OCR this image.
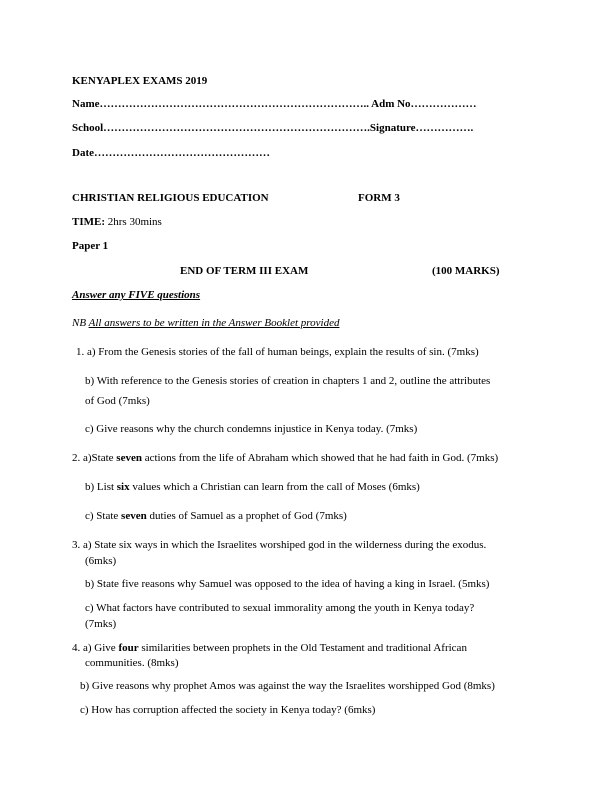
KENYAPLEX EXAMS 2019
Name……………………………………………………………….. Adm No………………
School……………………………………………………………….Signature…………….
Date…………………………………………
CHRISTIAN RELIGIOUS EDUCATION	FORM 3
TIME: 2hrs 30mins
Paper 1
END OF TERM III EXAM	(100 MARKS)
Answer any FIVE questions
NB All answers to be written in the Answer Booklet provided
1. a) From the Genesis stories of the fall of human beings, explain the results of sin. (7mks)
b) With reference to the Genesis stories of creation in chapters 1 and 2, outline the attributes
of God (7mks)
c) Give reasons why the church condemns injustice in Kenya today. (7mks)
2. a)State seven actions from the life of Abraham which showed that he had faith in God. (7mks)
b) List six values which a Christian can learn from the call of Moses (6mks)
c) State seven duties of Samuel as a prophet of God (7mks)
3. a) State six ways in which the Israelites worshiped god in the wilderness during the exodus.
(6mks)
b) State five reasons why Samuel was opposed to the idea of having a king in Israel. (5mks)
c) What factors have contributed to sexual immorality among the youth in Kenya today?
(7mks)
4. a) Give four similarities between prophets in the Old Testament and traditional African
communities. (8mks)
b) Give reasons why prophet Amos was against the way the Israelites worshipped God (8mks)
c) How has corruption affected the society in Kenya today? (6mks)
